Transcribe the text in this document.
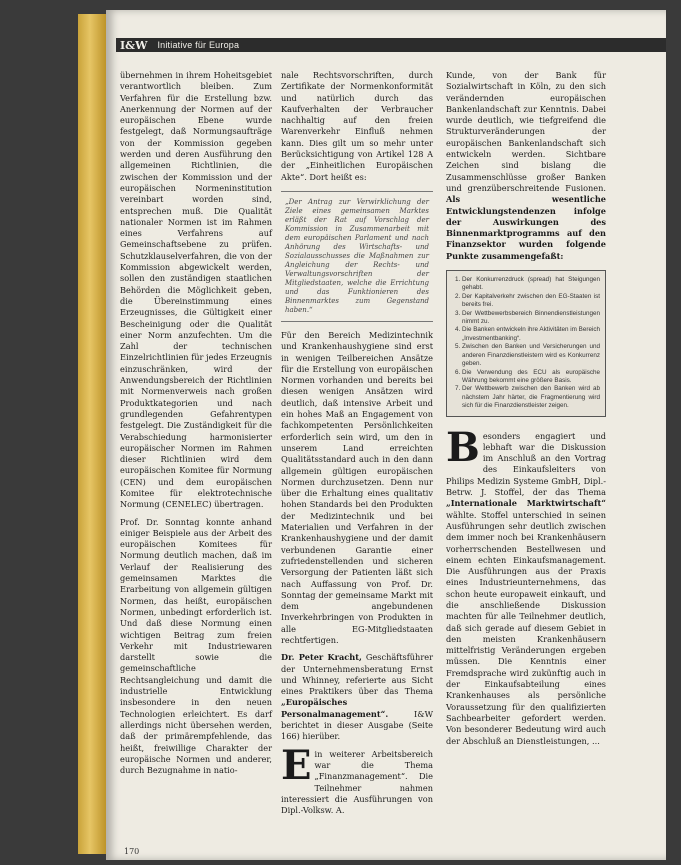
I&W Initiative für Europa

übernehmen in ihrem Hoheitsgebiet verantwortlich bleiben. Zum Verfahren für die Erstellung bzw. Anerkennung der Normen auf der europäischen Ebene wurde festgelegt, daß Normungsaufträge von der Kommission gegeben werden und deren Ausführung den allgemeinen Richtlinien, die zwischen der Kommission und der europäischen Normeninstitution vereinbart worden sind, entsprechen muß. Die Qualität nationaler Normen ist im Rahmen eines Verfahrens auf Gemeinschaftsebene zu prüfen. Schutzklauselverfahren, die von der Kommission abgewickelt werden, sollen den zuständigen staatlichen Behörden die Möglichkeit geben, die Übereinstimmung eines Erzeugnisses, die Gültigkeit einer Bescheinigung oder die Qualität einer Norm anzufechten. Um die Zahl der technischen Einzelrichtlinien für jedes Erzeugnis einzuschränken, wird der Anwendungsbereich der Richtlinien mit Normenverweis nach großen Produktkategorien und nach grundlegenden Gefahrentypen festgelegt. Die Zuständigkeit für die Verabschiedung harmonisierter europäischer Normen im Rahmen dieser Richtlinien wird dem europäischen Komitee für Normung (CEN) und dem europäischen Komitee für elektrotechnische Normung (CENELEC) übertragen.

Prof. Dr. Sonntag konnte anhand einiger Beispiele aus der Arbeit des europäischen Komitees für Normung deutlich machen, daß im Verlauf der Realisierung des gemeinsamen Marktes die Erarbeitung von allgemein gültigen Normen, das heißt, europäischen Normen, unbedingt erforderlich ist. Und daß diese Normung einen wichtigen Beitrag zum freien Verkehr mit Industriewaren darstellt sowie die gemeinschaftliche Rechtsangleichung und damit die industrielle Entwicklung insbesondere in den neuen Technologien erleichtert. Es darf allerdings nicht übersehen werden, daß der primärempfehlende, das heißt, freiwillige Charakter der europäische Normen und anderer, durch Bezugnahme in natio-

nale Rechtsvorschriften, durch Zertifikate der Normenkonformität und natürlich durch das Kaufverhalten der Verbraucher nachhaltig auf den freien Warenverkehr Einfluß nehmen kann. Dies gilt um so mehr unter Berücksichtigung von Artikel 128 A der „Einheitlichen Europäischen Akte“. Dort heißt es:

„Der Antrag zur Verwirklichung der Ziele eines gemeinsamen Marktes erläßt der Rat auf Vorschlag der Kommission in Zusammenarbeit mit dem europäischen Parlament und nach Anhörung des Wirtschafts- und Sozialausschusses die Maßnahmen zur Angleichung der Rechts- und Verwaltungsvorschriften der Mitgliedstaaten, welche die Errichtung und das Funktionieren des Binnenmarktes zum Gegenstand haben.“

Für den Bereich Medizintechnik und Krankenhaushygiene sind erst in wenigen Teilbereichen Ansätze für die Erstellung von europäischen Normen vorhanden und bereits bei diesen wenigen Ansätzen wird deutlich, daß intensive Arbeit und ein hohes Maß an Engagement von fachkompetenten Persönlichkeiten erforderlich sein wird, um den in unserem Land erreichten Qualitätsstandard auch in den dann allgemein gültigen europäischen Normen durchzusetzen. Denn nur über die Erhaltung eines qualitativ hohen Standards bei den Produkten der Medizintechnik und bei Materialien und Verfahren in der Krankenhaushygiene und der damit verbundenen Garantie einer zufriedenstellenden und sicheren Versorgung der Patienten läßt sich nach Auffassung von Prof. Dr. Sonntag der gemeinsame Markt mit dem angebundenen Inverkehrbringen von Produkten in alle EG-Mitgliedstaaten rechtfertigen.

Dr. Peter Kracht, Geschäftsführer der Unternehmensberatung Ernst und Whinney, referierte aus Sicht eines Praktikers über das Thema „Europäisches Personalmanagement“.	I&W berichtet in dieser Ausgabe (Seite 166) hierüber.

E in weiterer Arbeitsbereich war die Thema „Finanzmanagement“. Die Teilnehmer nahmen interessiert die Ausführungen von Dipl.-Volksw. A.

Kunde, von der Bank für Sozialwirtschaft in Köln, zu den sich verändernden europäischen Bankenlandschaft zur Kenntnis. Dabei wurde deutlich, wie tiefgreifend die Strukturveränderungen der europäischen Bankenlandschaft sich entwickeln werden. Sichtbare Zeichen sind bislang die Zusammenschlüsse großer Banken und grenzüberschreitende Fusionen. Als wesentliche Entwicklungstendenzen infolge der Auswirkungen des Binnenmarktprogramms auf den Finanzsektor wurden folgende Punkte zusammengefaßt:

1. Der Konkurrenzdruck (spread) hat Steigungen gehabt.
2. Der Kapitalverkehr zwischen den EG-Staaten ist bereits frei.
3. Der Wettbewerbsbereich Binnendienstleistungen nimmt zu.
4. Die Banken entwickeln ihre Aktivitäten im Bereich „Investmentbanking“.
5. Zwischen den Banken und Versicherungen und anderen Finanzdienstleistern wird es Konkurrenz geben.
6. Die Verwendung des ECU als europäische Währung bekommt eine größere Basis.
7. Der Wettbewerb zwischen den Banken wird ab nächstem Jahr härter, die Fragmentierung wird sich für die Finanzdienstleister zeigen.

B esonders engagiert und lebhaft war die Diskussion im Anschluß an den Vortrag des Einkaufsleiters von Philips Medizin Systeme GmbH, Dipl.-Betrw. J. Stoffel, der das Thema „Internationale Marktwirtschaft“ wählte. Stoffel unterschied in seinen Ausführungen sehr deutlich zwischen dem immer noch bei Krankenhäusern vorherrschenden Bestellwesen und einem echten Einkaufsmanagement. Die Ausführungen aus der Praxis eines Industrieunternehmens, das schon heute europaweit einkauft, und die anschließende Diskussion machten für alle Teilnehmer deutlich, daß sich gerade auf diesem Gebiet in den meisten Krankenhäusern mittelfristig Veränderungen ergeben müssen. Die Kenntnis einer Fremdsprache wird zukünftig auch in der Einkaufsabteilung eines Krankenhauses als persönliche Voraussetzung für den qualifizierten Sachbearbeiter gefordert werden. Von besonderer Bedeutung wird auch der Abschluß an Dienstleistungen, ...

170
